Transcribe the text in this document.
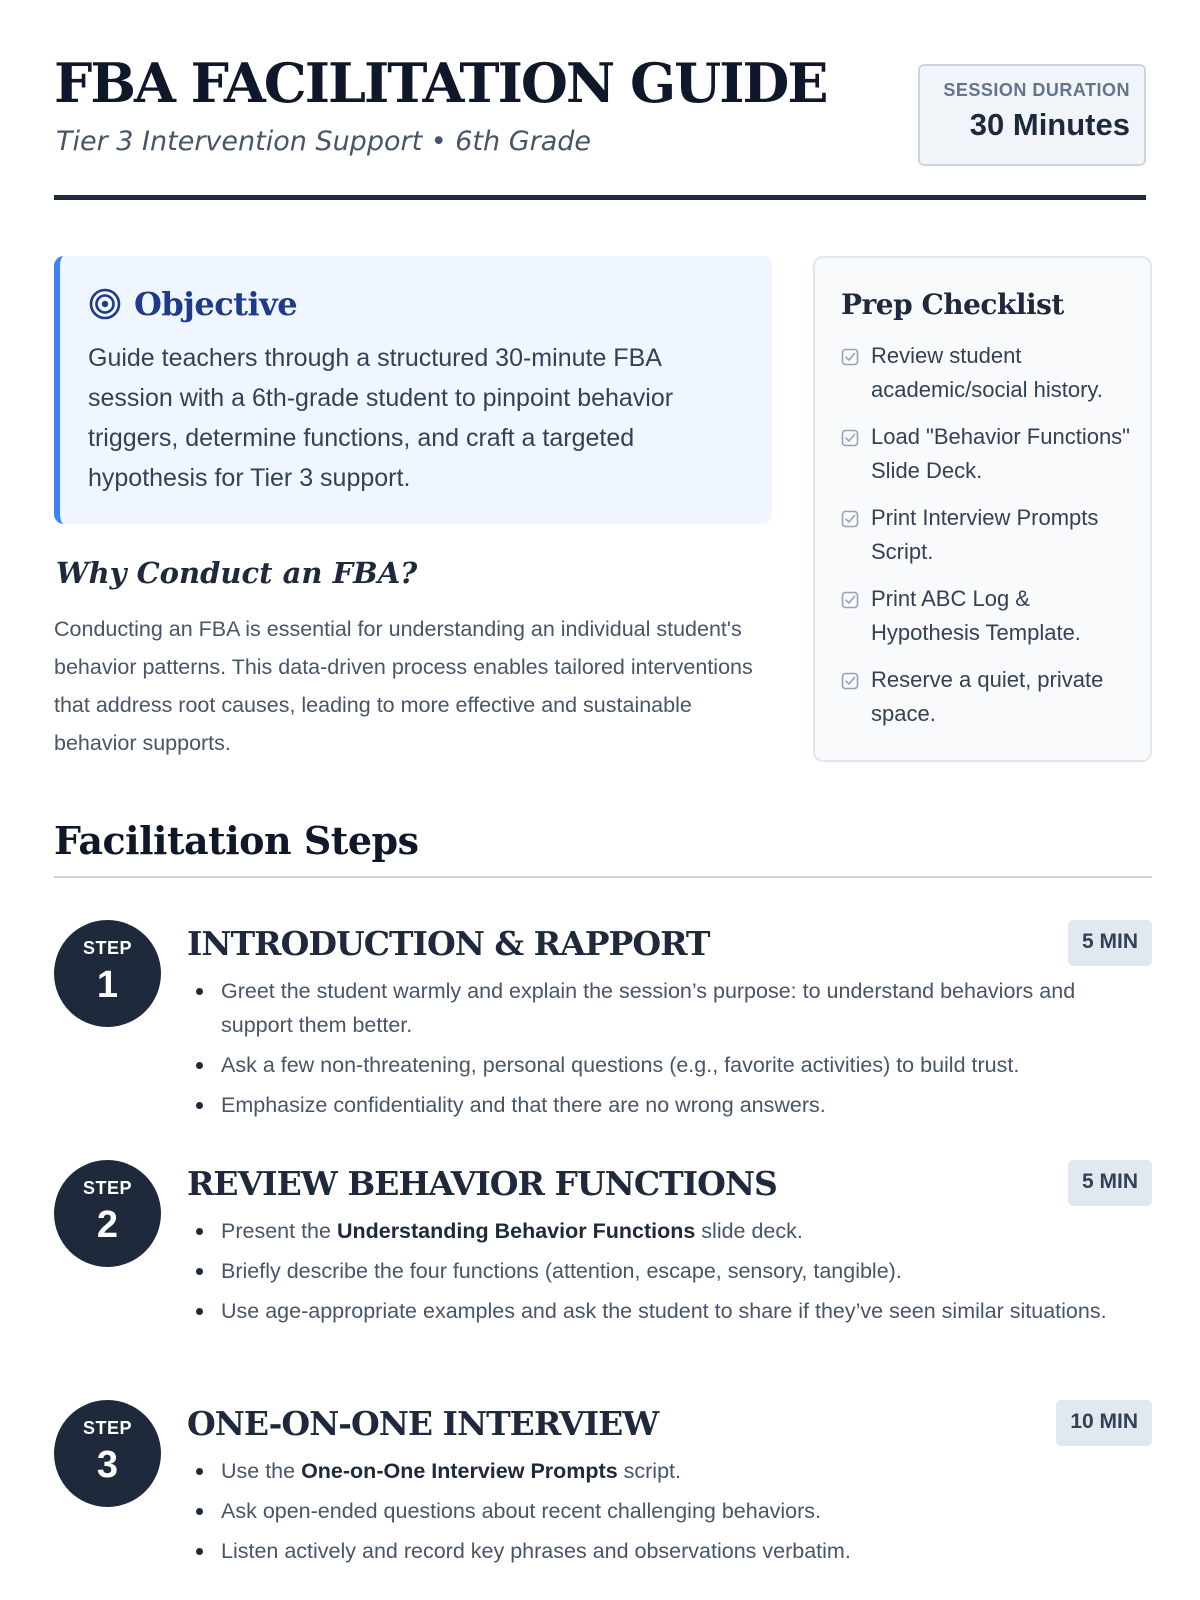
FBA FACILITATION GUIDE
Tier 3 Intervention Support • 6th Grade
SESSION DURATION
30 Minutes
Objective
Guide teachers through a structured 30-minute FBA session with a 6th-grade student to pinpoint behavior triggers, determine functions, and craft a targeted hypothesis for Tier 3 support.
Why Conduct an FBA?
Conducting an FBA is essential for understanding an individual student's behavior patterns. This data-driven process enables tailored interventions that address root causes, leading to more effective and sustainable behavior supports.
Prep Checklist
Review student academic/social history.
Load "Behavior Functions" Slide Deck.
Print Interview Prompts Script.
Print ABC Log & Hypothesis Template.
Reserve a quiet, private space.
Facilitation Steps
STEP
1
INTRODUCTION & RAPPORT	5 MIN
Greet the student warmly and explain the session’s purpose: to understand behaviors and support them better.
Ask a few non-threatening, personal questions (e.g., favorite activities) to build trust.
Emphasize confidentiality and that there are no wrong answers.
STEP
2
REVIEW BEHAVIOR FUNCTIONS	5 MIN
Present the Understanding Behavior Functions slide deck.
Briefly describe the four functions (attention, escape, sensory, tangible).
Use age-appropriate examples and ask the student to share if they’ve seen similar situations.
STEP
3
ONE-ON-ONE INTERVIEW	10 MIN
Use the One-on-One Interview Prompts script.
Ask open-ended questions about recent challenging behaviors.
Listen actively and record key phrases and observations verbatim.
